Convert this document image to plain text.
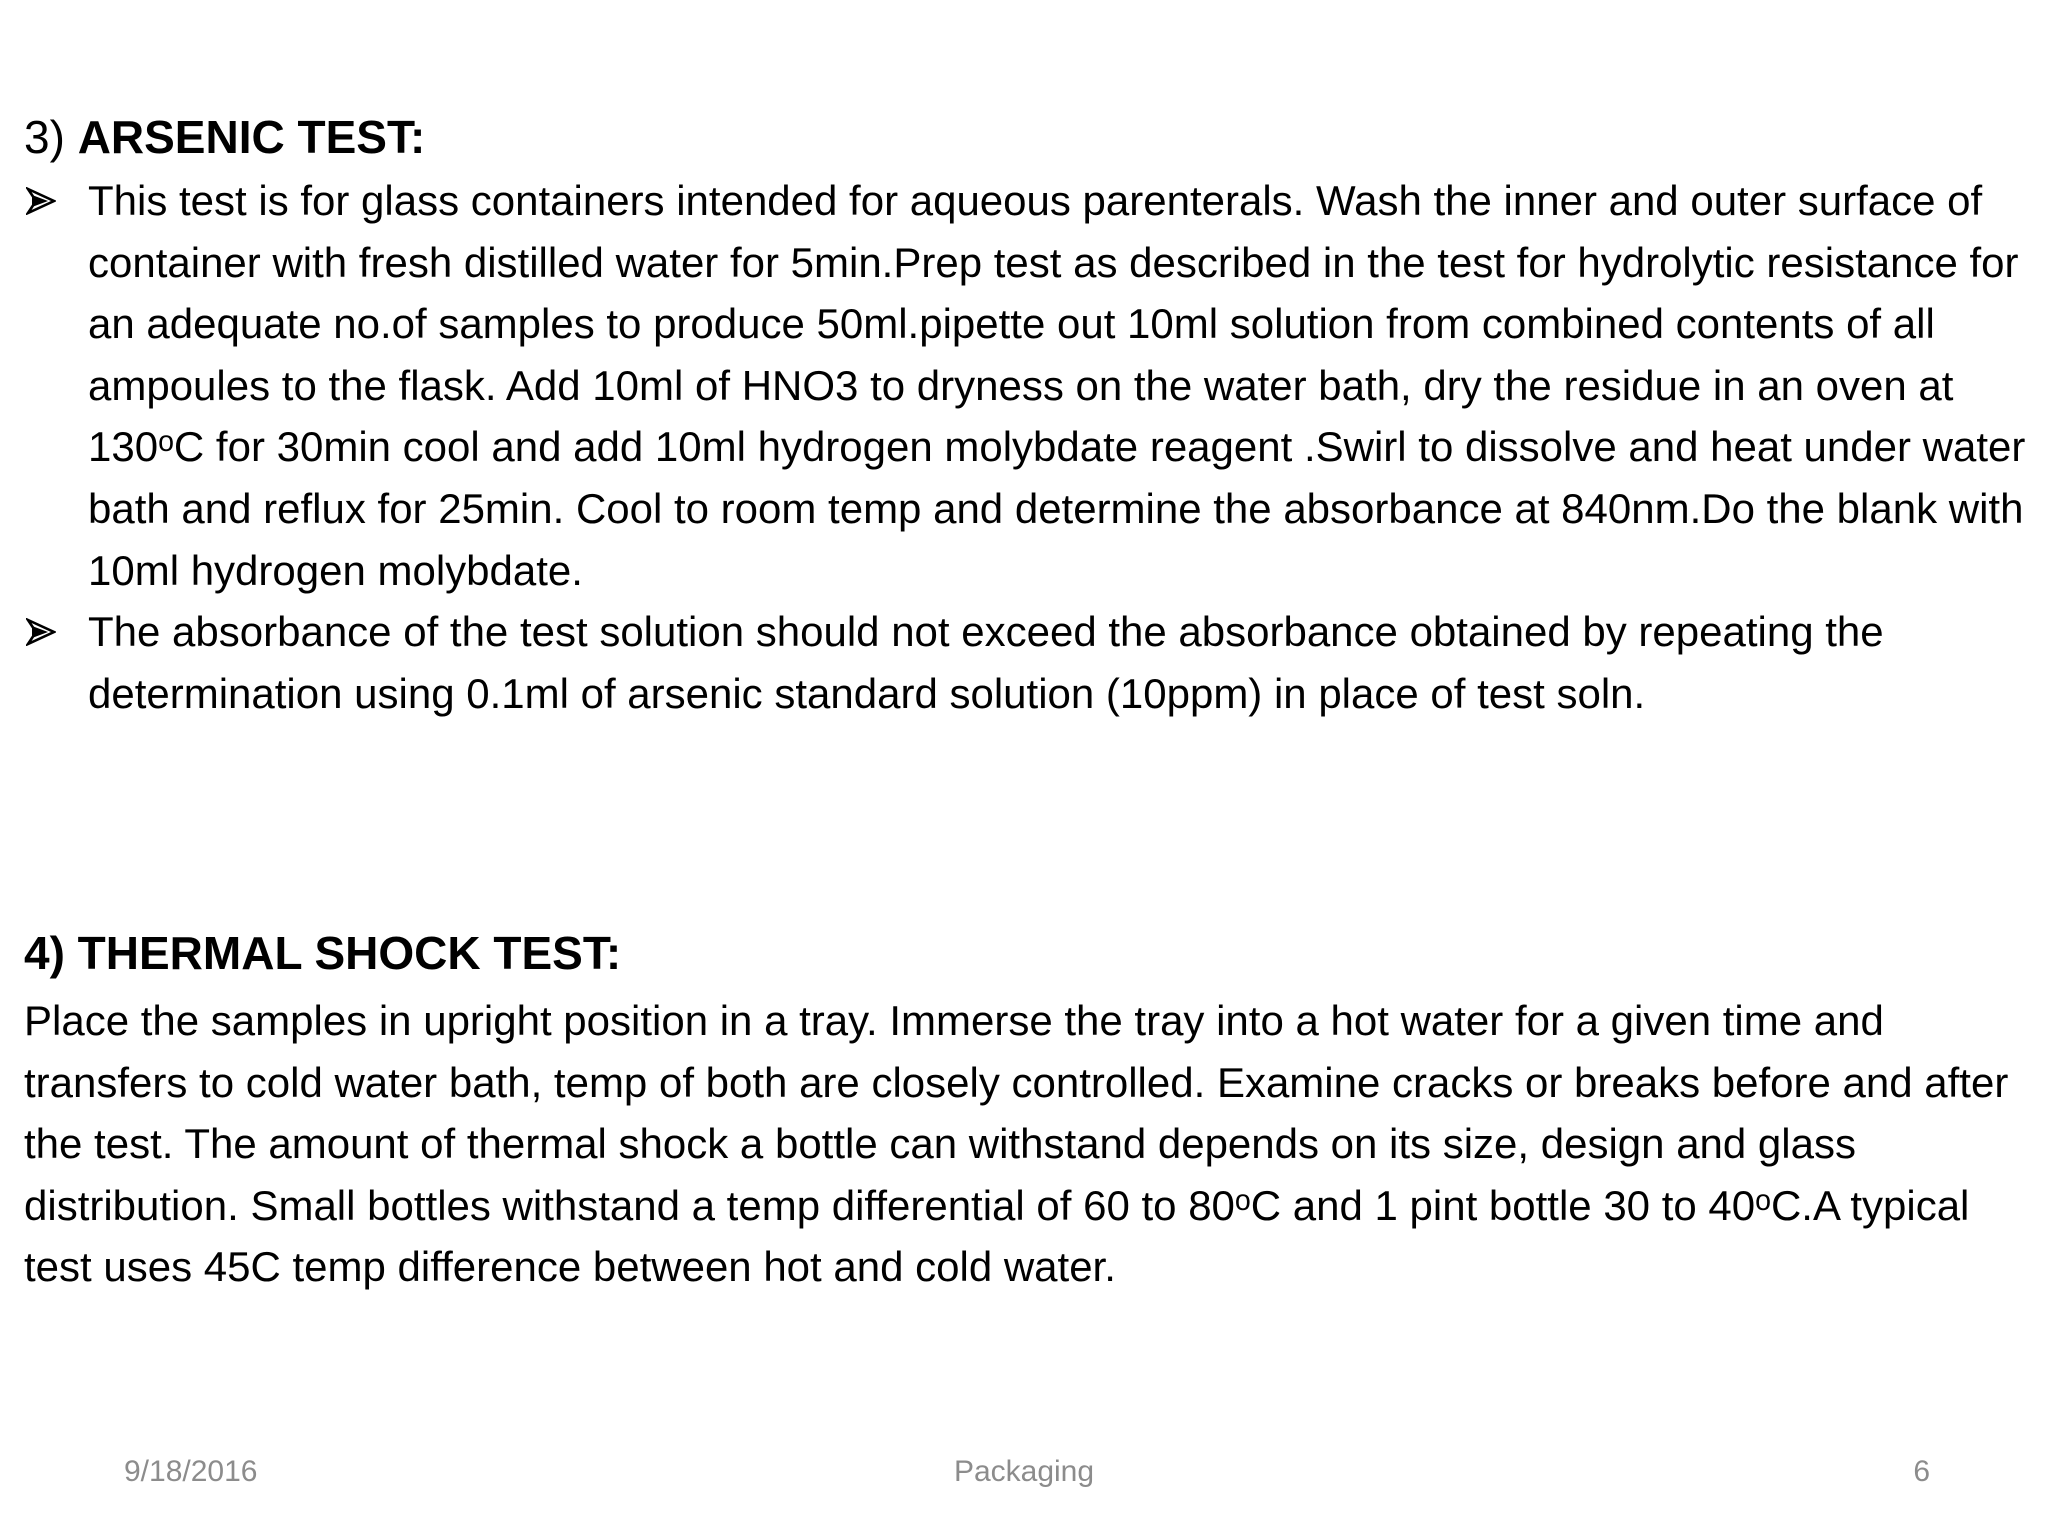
3) ARSENIC TEST:
This test is for glass containers intended for aqueous parenterals. Wash the inner and outer surface of container with fresh distilled water for 5min.Prep test as described in the test for hydrolytic resistance for an adequate no.of samples to produce 50ml.pipette out 10ml solution from combined contents of all ampoules to the flask. Add 10ml of HNO3 to dryness on the water bath, dry the residue in an oven at 130ᵒC for 30min cool and add 10ml hydrogen molybdate reagent .Swirl to dissolve and heat under water bath and reflux for 25min. Cool to room temp and determine the absorbance at 840nm.Do the blank with 10ml hydrogen molybdate.
The absorbance of the test solution should not exceed the absorbance obtained by repeating the determination using 0.1ml of arsenic standard solution (10ppm) in place of test soln.
4) THERMAL SHOCK TEST:

Place the samples in upright position in a tray. Immerse the tray into a hot water for a given time and transfers to cold water bath, temp of both are closely controlled. Examine cracks or breaks before and after the test. The amount of thermal shock a bottle can withstand depends on its size, design and glass distribution. Small bottles withstand a temp differential of 60 to 80ᵒC and 1 pint bottle 30 to 40ᵒC.A typical test uses 45C temp difference between hot and cold water.

9/18/2016	Packaging	6
